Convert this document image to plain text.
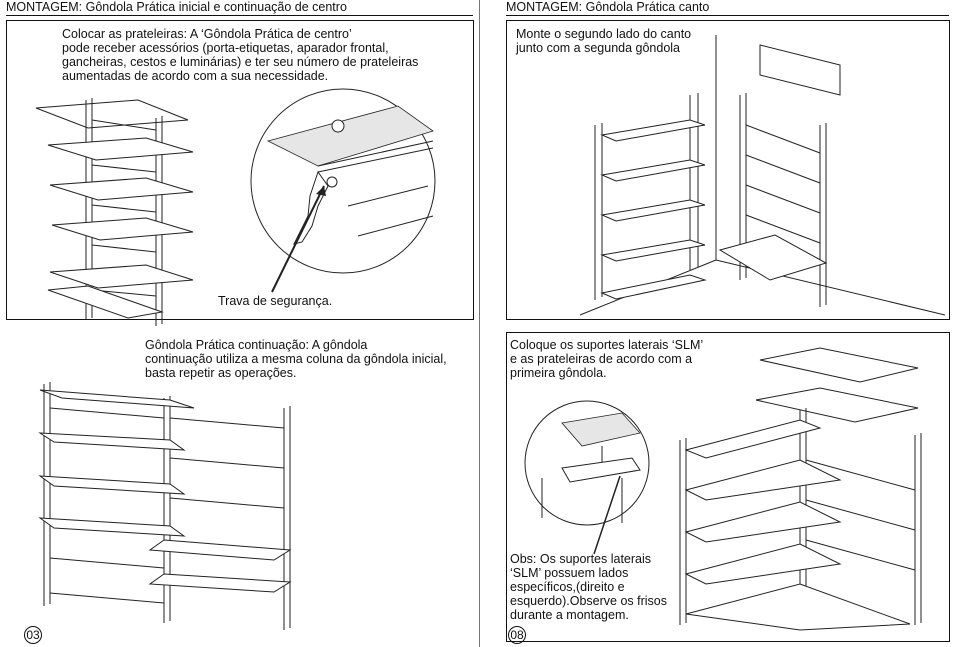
MONTAGEM: Gôndola Prática inicial e continuação de centro
Colocar as prateleiras: A ‘Gôndola Prática de centro’
pode receber acessórios (porta-etiquetas, aparador frontal,
gancheiras, cestos e luminárias) e ter seu número de prateleiras
aumentadas de acordo com a sua necessidade.
Trava de segurança.
Gôndola Prática continuação: A gôndola
continuação utiliza a mesma coluna da gôndola inicial,
basta repetir as operações.
03
MONTAGEM: Gôndola Prática canto
Monte o segundo lado do canto
junto com a segunda gôndola
Coloque os suportes laterais ‘SLM’
e as prateleiras de acordo com a
primeira gôndola.
Obs: Os suportes laterais
‘SLM’ possuem lados
específicos,(direito e
esquerdo).Observe os frisos
durante a montagem.
08
